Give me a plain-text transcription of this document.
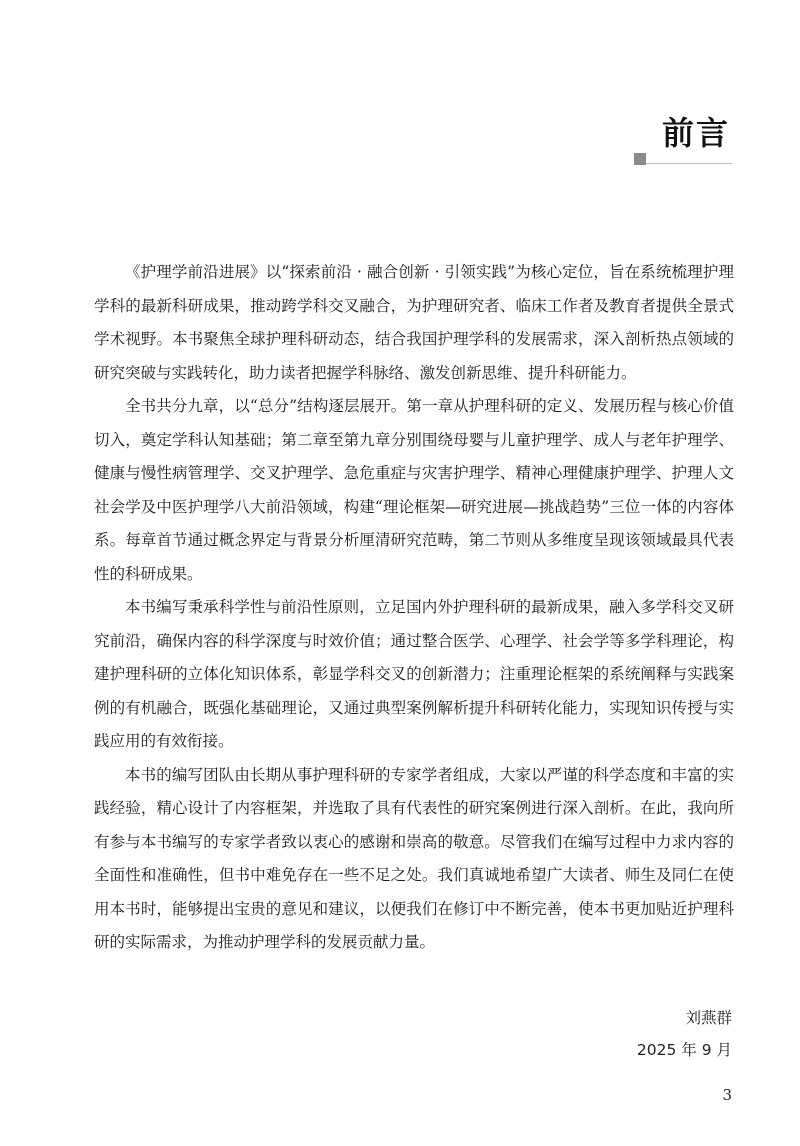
前言

《护理学前沿进展》以“探索前沿 · 融合创新 · 引领实践”为核心定位，旨在系统梳理护理学科的最新科研成果，推动跨学科交叉融合，为护理研究者、临床工作者及教育者提供全景式学术视野。本书聚焦全球护理科研动态，结合我国护理学科的发展需求，深入剖析热点领域的研究突破与实践转化，助力读者把握学科脉络、激发创新思维、提升科研能力。

全书共分九章，以“总分”结构逐层展开。第一章从护理科研的定义、发展历程与核心价值切入，奠定学科认知基础；第二章至第九章分别围绕母婴与儿童护理学、成人与老年护理学、健康与慢性病管理学、交叉护理学、急危重症与灾害护理学、精神心理健康护理学、护理人文社会学及中医护理学八大前沿领域，构建“理论框架—研究进展—挑战趋势”三位一体的内容体系。每章首节通过概念界定与背景分析厘清研究范畴，第二节则从多维度呈现该领域最具代表性的科研成果。

本书编写秉承科学性与前沿性原则，立足国内外护理科研的最新成果，融入多学科交叉研究前沿，确保内容的科学深度与时效价值；通过整合医学、心理学、社会学等多学科理论，构建护理科研的立体化知识体系，彰显学科交叉的创新潜力；注重理论框架的系统阐释与实践案例的有机融合，既强化基础理论，又通过典型案例解析提升科研转化能力，实现知识传授与实践应用的有效衔接。

本书的编写团队由长期从事护理科研的专家学者组成，大家以严谨的科学态度和丰富的实践经验，精心设计了内容框架，并选取了具有代表性的研究案例进行深入剖析。在此，我向所有参与本书编写的专家学者致以衷心的感谢和崇高的敬意。尽管我们在编写过程中力求内容的全面性和准确性，但书中难免存在一些不足之处。我们真诚地希望广大读者、师生及同仁在使用本书时，能够提出宝贵的意见和建议，以便我们在修订中不断完善，使本书更加贴近护理科研的实际需求，为推动护理学科的发展贡献力量。

刘燕群
2025 年 9 月
3
